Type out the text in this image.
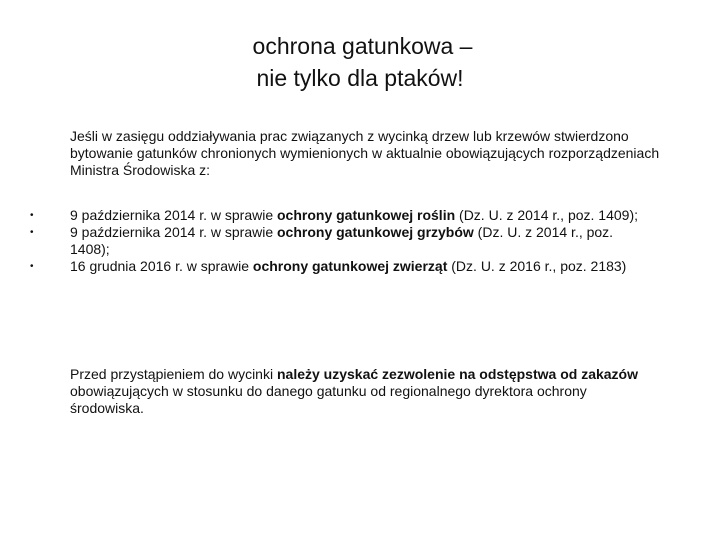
ochrona gatunkowa –
nie tylko dla ptaków!
Jeśli w zasięgu oddziaływania prac związanych z wycinką drzew lub krzewów stwierdzono bytowanie gatunków chronionych wymienionych w aktualnie obowiązujących rozporządzeniach Ministra Środowiska z:
•	9 października 2014 r. w sprawie ochrony gatunkowej roślin (Dz. U. z 2014 r., poz. 1409);
•	9 października 2014 r. w sprawie ochrony gatunkowej grzybów (Dz. U. z 2014 r., poz. 1408);
•	16 grudnia 2016 r. w sprawie ochrony gatunkowej zwierząt (Dz. U. z 2016 r., poz. 2183)
Przed przystąpieniem do wycinki należy uzyskać zezwolenie na odstępstwa od zakazów obowiązujących w stosunku do danego gatunku od regionalnego dyrektora ochrony środowiska.
